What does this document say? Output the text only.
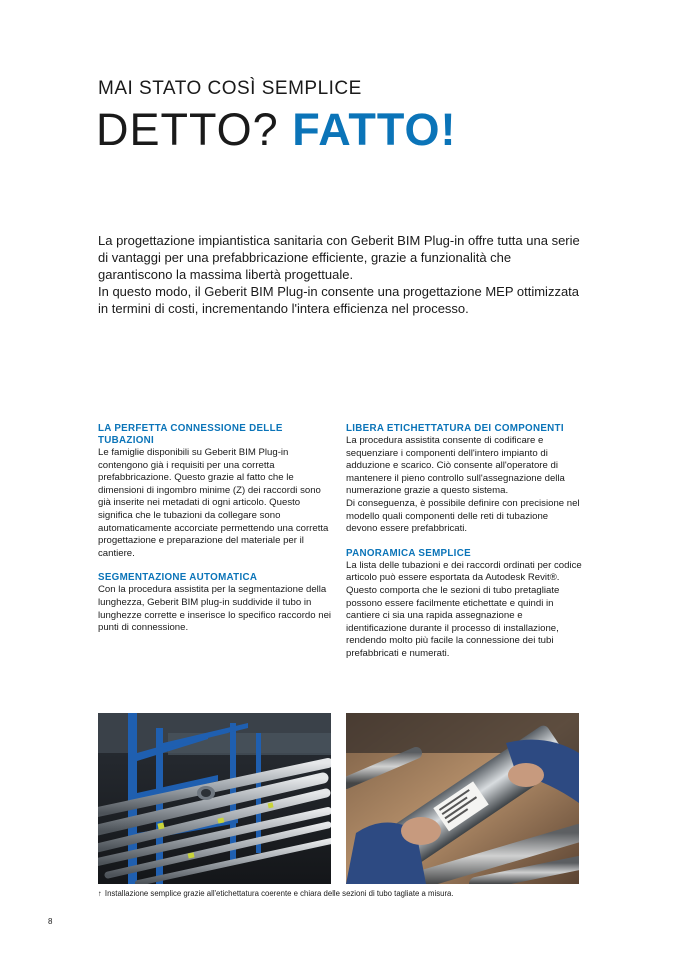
MAI STATO COSÌ SEMPLICE
DETTO? FATTO!

La progettazione impiantistica sanitaria con Geberit BIM Plug-in offre tutta una serie di vantaggi per una prefabbricazione efficiente, grazie a funzionalità che garantiscono la massima libertà progettuale.

In questo modo, il Geberit BIM Plug-in consente una progettazione MEP ottimizzata in termini di costi, incrementando l'intera efficienza nel processo.

LA PERFETTA CONNESSIONE DELLE TUBAZIONI

Le famiglie disponibili su Geberit BIM Plug-in contengono già i requisiti per una corretta prefabbricazione. Questo grazie al fatto che le dimensioni di ingombro minime (Z) dei raccordi sono già inserite nei metadati di ogni articolo. Questo significa che le tubazioni da collegare sono automaticamente accorciate permettendo una corretta progettazione e preparazione del materiale per il cantiere.

SEGMENTAZIONE AUTOMATICA

Con la procedura assistita per la segmentazione della lunghezza, Geberit BIM plug-in suddivide il tubo in lunghezze corrette e inserisce lo specifico raccordo nei punti di connessione.

LIBERA ETICHETTATURA DEI COMPONENTI

La procedura assistita consente di codificare e sequenziare i componenti dell'intero impianto di adduzione e scarico. Ciò consente all'operatore di mantenere il pieno controllo sull'assegnazione della numerazione grazie a questo sistema.

Di conseguenza, è possibile definire con precisione nel modello quali componenti delle reti di tubazione devono essere prefabbricati.

PANORAMICA SEMPLICE

La lista delle tubazioni e dei raccordi ordinati per codice articolo può essere esportata da Autodesk Revit®. Questo comporta che le sezioni di tubo pretagliate possono essere facilmente etichettate e quindi in cantiere ci sia una rapida assegnazione e identificazione durante il processo di installazione, rendendo molto più facile la connessione dei tubi prefabbricati e numerati.

↑ Installazione semplice grazie all'etichettatura coerente e chiara delle sezioni di tubo tagliate a misura.
8
